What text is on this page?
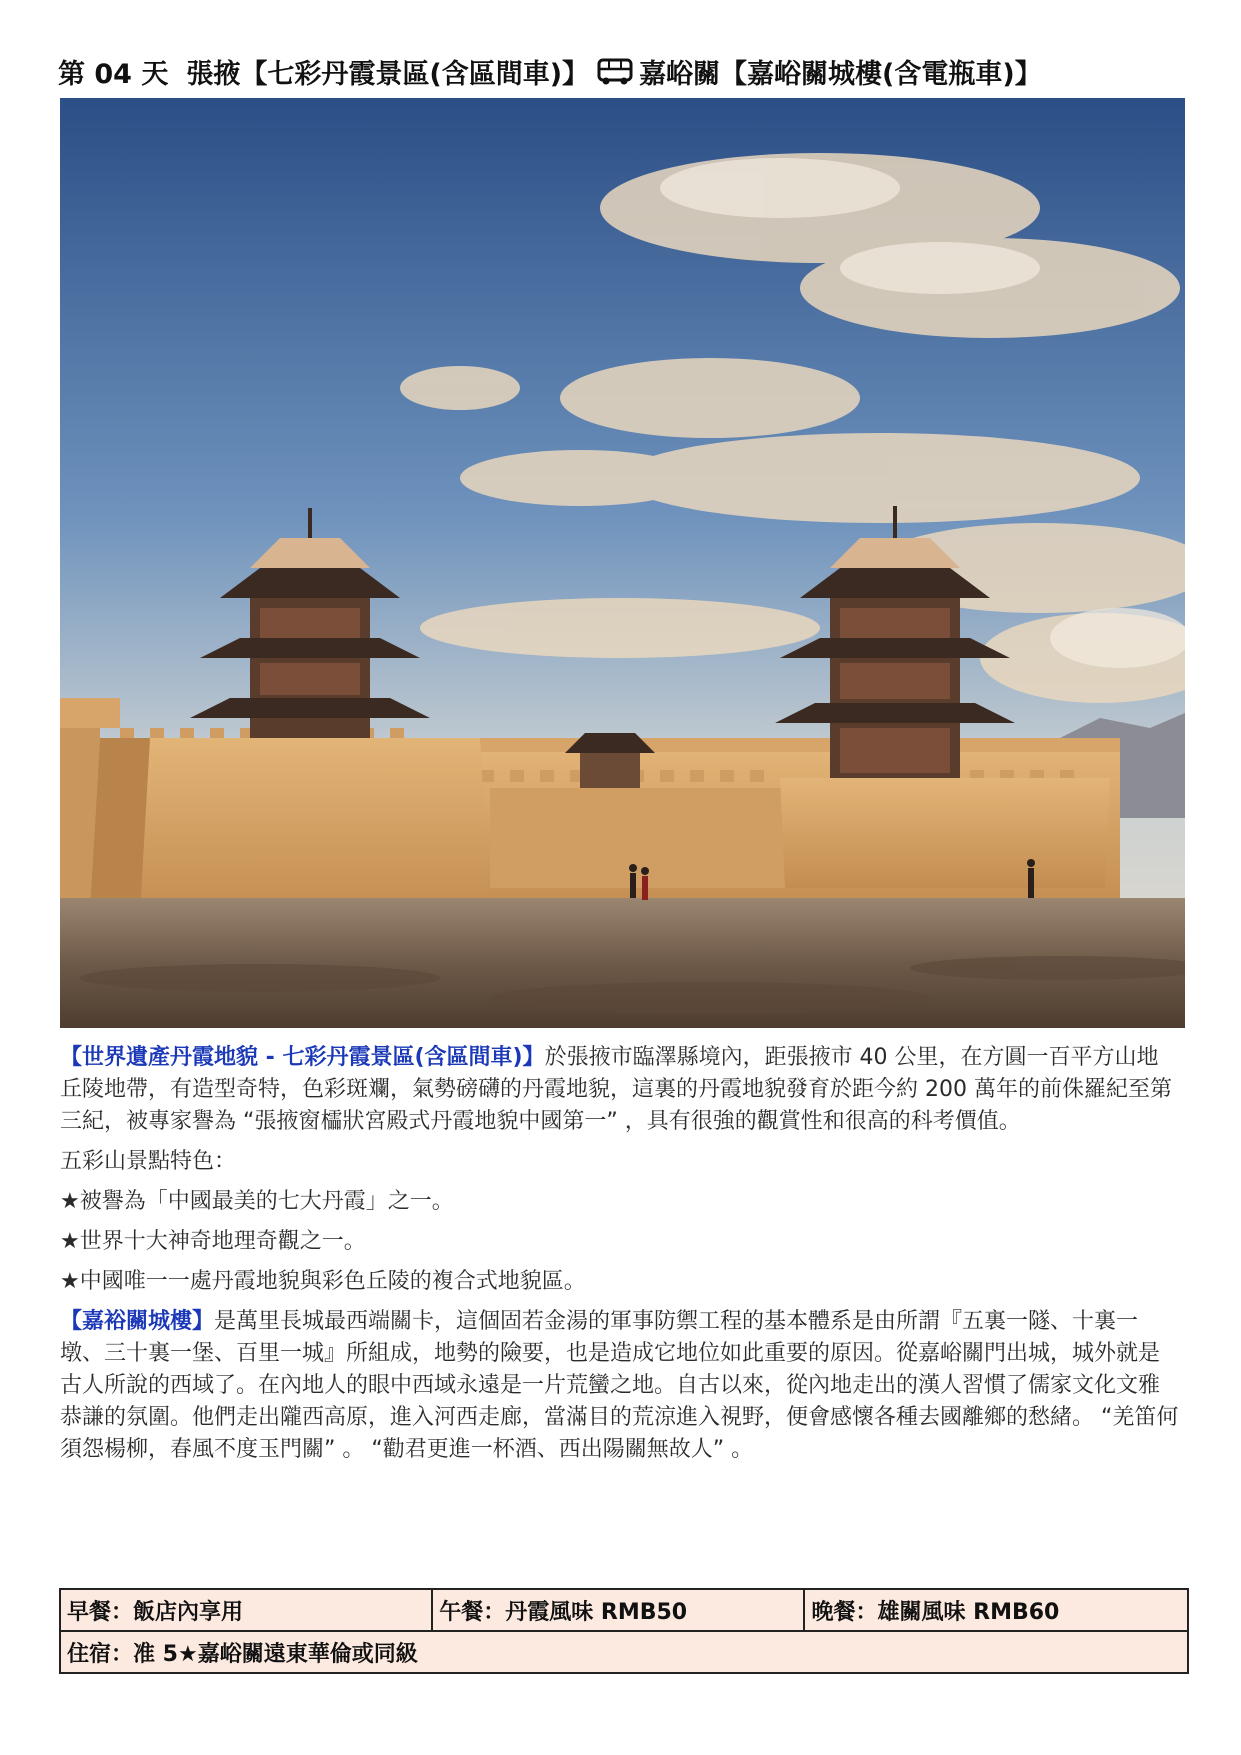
第 04 天 張掖【七彩丹霞景區(含區間車)】 嘉峪關【嘉峪關城樓(含電瓶車)】

【世界遺產丹霞地貌 - 七彩丹霞景區(含區間車)】於張掖市臨澤縣境內，距張掖市 40 公里，在方圓一百平方山地丘陵地帶，有造型奇特，色彩斑斕，氣勢磅礴的丹霞地貌，這裏的丹霞地貌發育於距今約 200 萬年的前侏羅紀至第三紀，被專家譽為 “張掖窗櫺狀宮殿式丹霞地貌中國第一” ，具有很強的觀賞性和很高的科考價值。

五彩山景點特色：

★被譽為「中國最美的七大丹霞」之一。

★世界十大神奇地理奇觀之一。

★中國唯一一處丹霞地貌與彩色丘陵的複合式地貌區。

【嘉裕關城樓】是萬里長城最西端關卡，這個固若金湯的軍事防禦工程的基本體系是由所謂『五裏一隧、十裏一墩、三十裏一堡、百里一城』所組成，地勢的險要，也是造成它地位如此重要的原因。從嘉峪關門出城，城外就是古人所說的西域了。在內地人的眼中西域永遠是一片荒蠻之地。自古以來，從內地走出的漢人習慣了儒家文化文雅恭謙的氛圍。他們走出隴西高原，進入河西走廊，當滿目的荒涼進入視野，便會感懷各種去國離鄉的愁緒。 “羌笛何須怨楊柳，春風不度玉門關” 。 “勸君更進一杯酒、西出陽關無故人” 。

早餐：飯店內享用	午餐：丹霞風味 RMB50	晚餐：雄關風味 RMB60
住宿：准 5★嘉峪關遠東華倫或同級
